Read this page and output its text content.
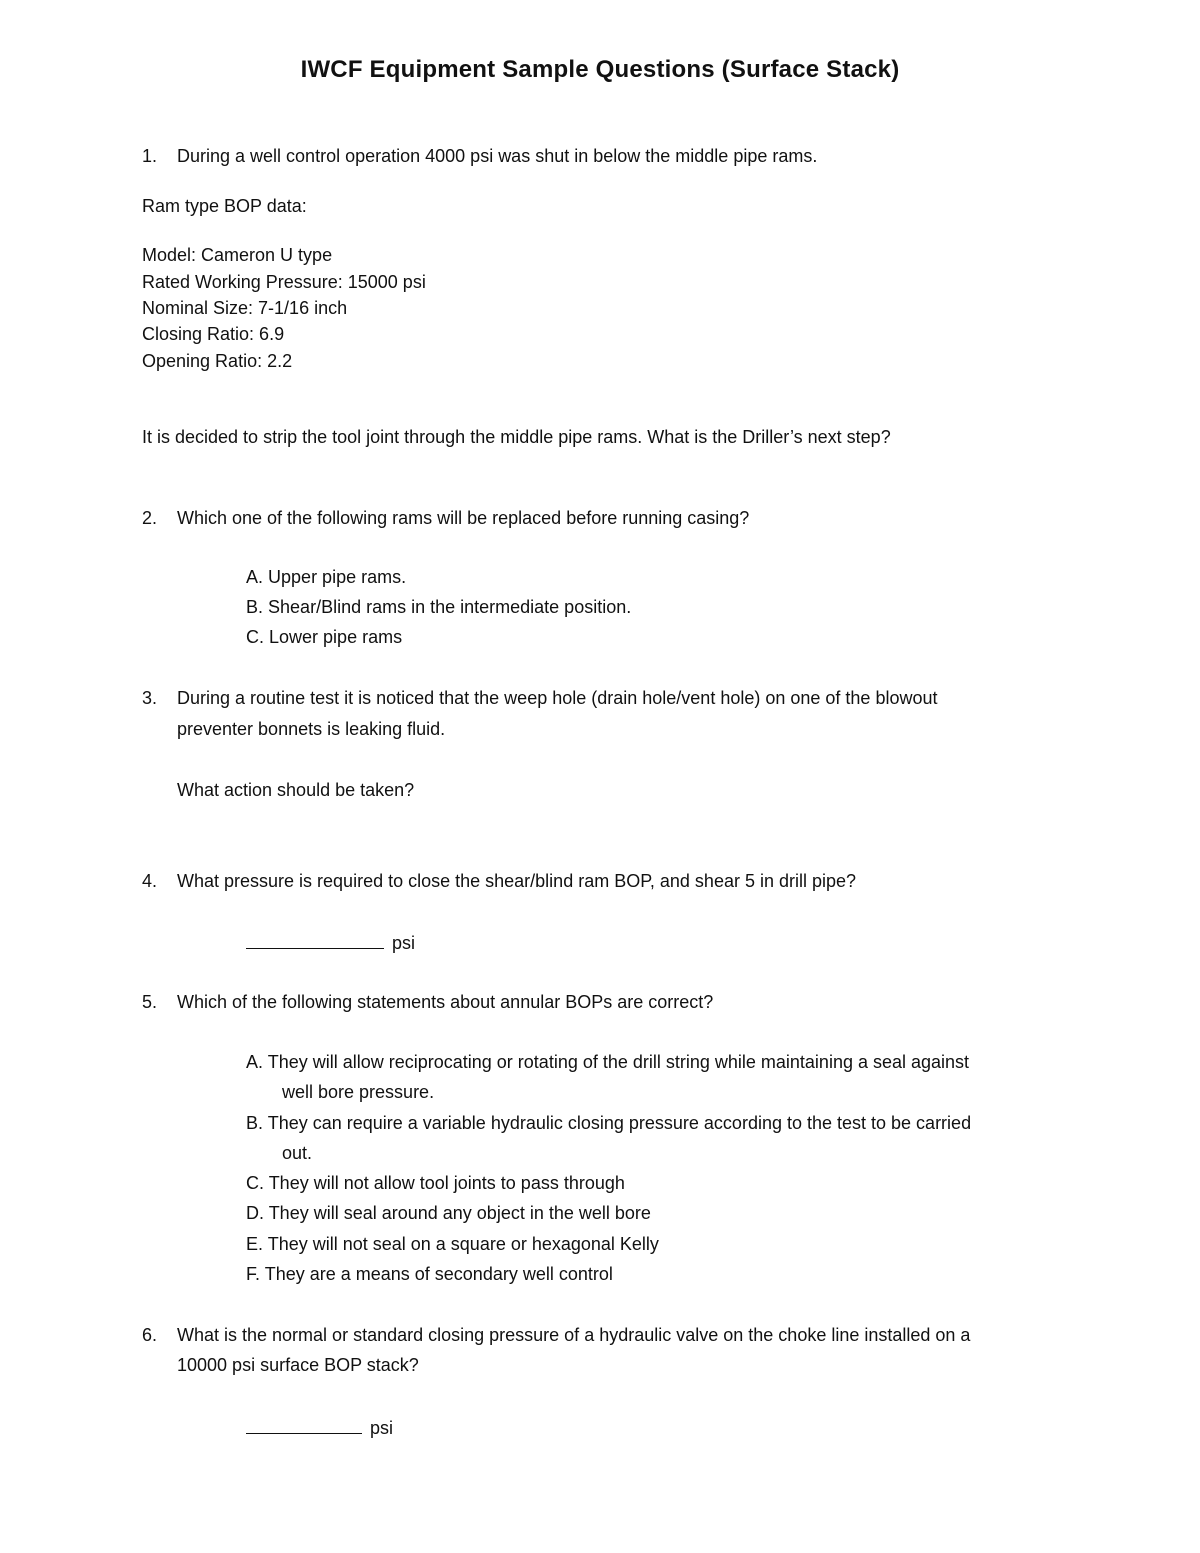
IWCF Equipment Sample Questions (Surface Stack)
1. During a well control operation 4000 psi was shut in below the middle pipe rams.
Ram type BOP data:
Model: Cameron U type
Rated Working Pressure: 15000 psi
Nominal Size: 7-1/16 inch
Closing Ratio: 6.9
Opening Ratio: 2.2
It is decided to strip the tool joint through the middle pipe rams. What is the Driller’s next step?
2. Which one of the following rams will be replaced before running casing?
A. Upper pipe rams.
B. Shear/Blind rams in the intermediate position.
C. Lower pipe rams
3. During a routine test it is noticed that the weep hole (drain hole/vent hole) on one of the blowout
preventer bonnets is leaking fluid.
What action should be taken?
4. What pressure is required to close the shear/blind ram BOP, and shear 5 in drill pipe?
psi
5. Which of the following statements about annular BOPs are correct?
A. They will allow reciprocating or rotating of the drill string while maintaining a seal against
well bore pressure.
B. They can require a variable hydraulic closing pressure according to the test to be carried
out.
C. They will not allow tool joints to pass through
D. They will seal around any object in the well bore
E. They will not seal on a square or hexagonal Kelly
F. They are a means of secondary well control
6. What is the normal or standard closing pressure of a hydraulic valve on the choke line installed on a
10000 psi surface BOP stack?
psi
